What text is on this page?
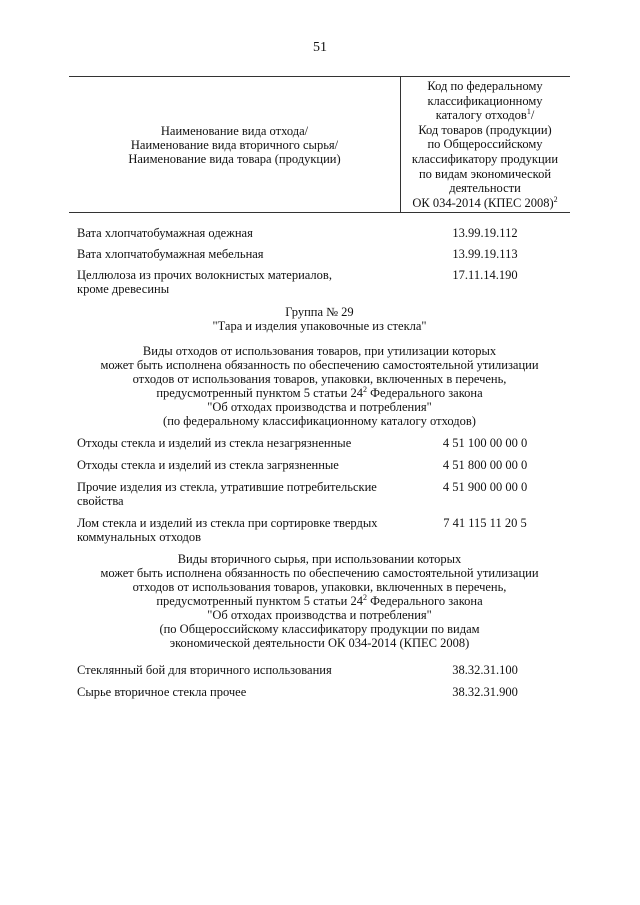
51
Наименование вида отхода/
Наименование вида вторичного сырья/
Наименование вида товара (продукции)
Код по федеральному
классификационному
каталогу отходов$^1$/
Код товаров (продукции)
по Общероссийскому
классификатору продукции
по видам экономической
деятельности
ОК 034-2014 (КПЕС 2008)$^2$
Вата хлопчатобумажная одежная	13.99.19.112
Вата хлопчатобумажная мебельная	13.99.19.113
Целлюлоза из прочих волокнистых материалов,
кроме древесины
17.11.14.190
Группа № 29
"Тара и изделия упаковочные из стекла"
Виды отходов от использования товаров, при утилизации которых
может быть исполнена обязанность по обеспечению самостоятельной утилизации
отходов от использования товаров, упаковки, включенных в перечень,
предусмотренный пунктом 5 статьи $24^2$ Федерального закона
"Об отходах производства и потребления"
(по федеральному классификационному каталогу отходов)
Отходы стекла и изделий из стекла незагрязненные	4 51 100 00 00 0
Отходы стекла и изделий из стекла загрязненные	4 51 800 00 00 0
Прочие изделия из стекла, утратившие потребительские
свойства
4 51 900 00 00 0
Лом стекла и изделий из стекла при сортировке твердых
коммунальных отходов
7 41 115 11 20 5
Виды вторичного сырья, при использовании которых
может быть исполнена обязанность по обеспечению самостоятельной утилизации
отходов от использования товаров, упаковки, включенных в перечень,
предусмотренный пунктом 5 статьи $24^2$ Федерального закона
"Об отходах производства и потребления"
(по Общероссийскому классификатору продукции по видам
экономической деятельности ОК 034-2014 (КПЕС 2008)
Стеклянный бой для вторичного использования	38.32.31.100
Сырье вторичное стекла прочее	38.32.31.900
